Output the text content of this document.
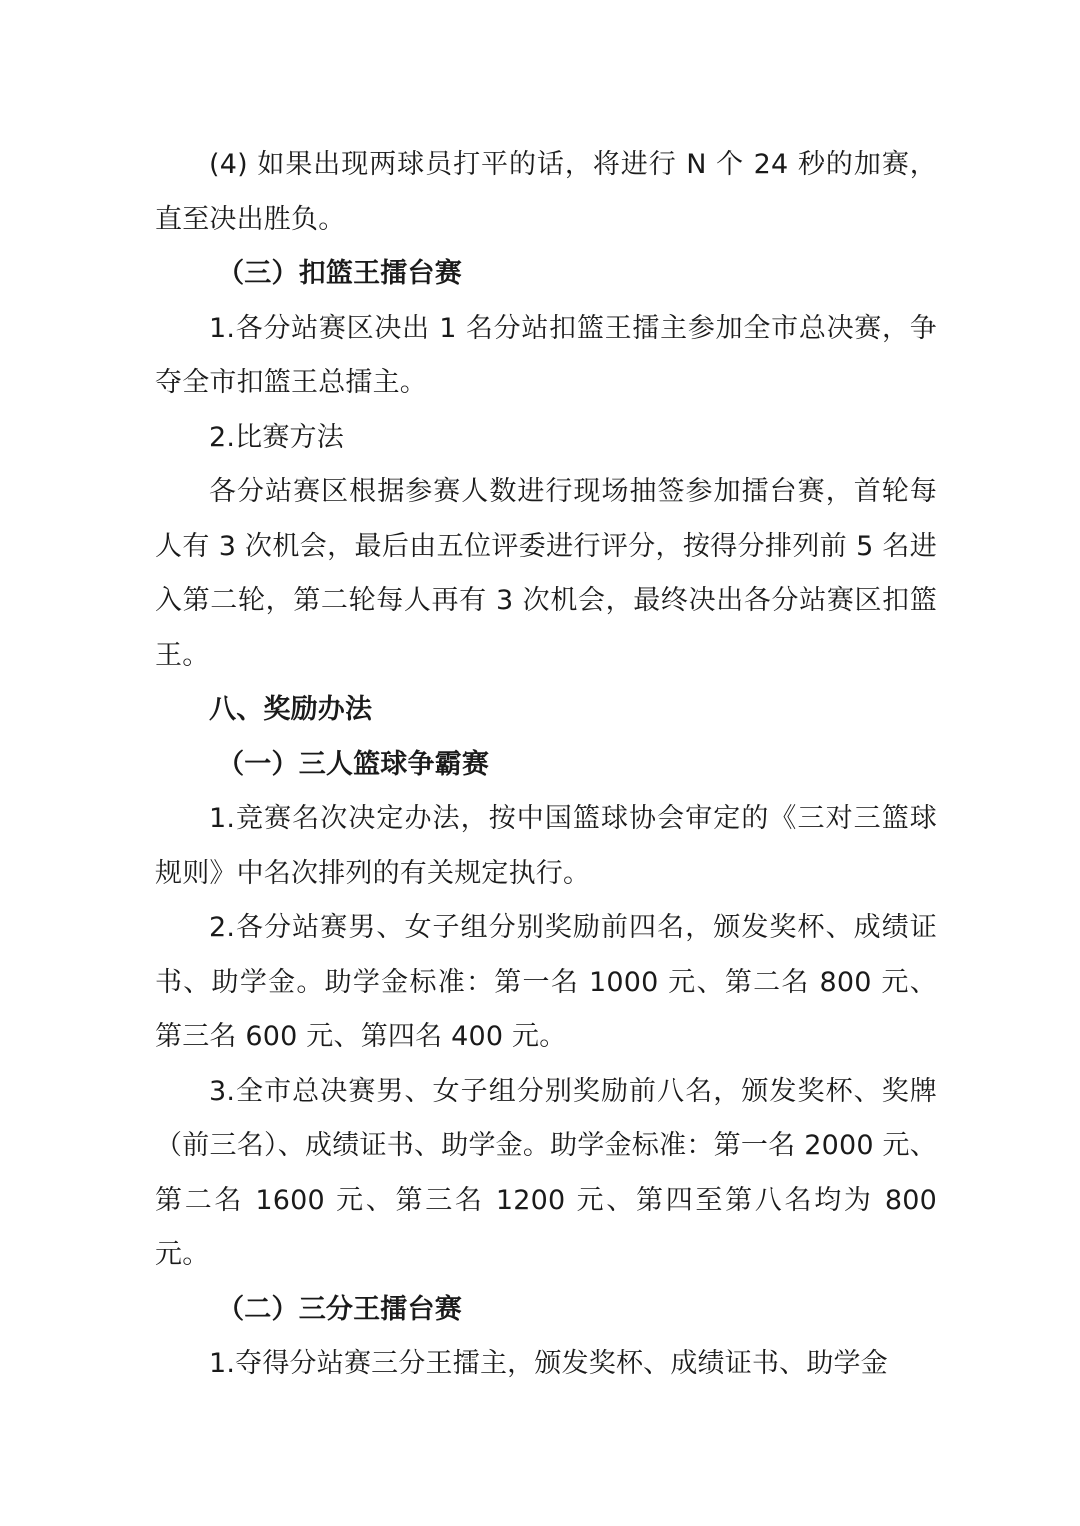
(4) 如果出现两球员打平的话，将进行 N 个 24 秒的加赛，直至决出胜负。

（三）扣篮王擂台赛

1.各分站赛区决出 1 名分站扣篮王擂主参加全市总决赛，争夺全市扣篮王总擂主。

2.比赛方法

各分站赛区根据参赛人数进行现场抽签参加擂台赛，首轮每人有 3 次机会，最后由五位评委进行评分，按得分排列前 5 名进入第二轮，第二轮每人再有 3 次机会，最终决出各分站赛区扣篮王。

八、奖励办法

（一）三人篮球争霸赛

1.竞赛名次决定办法，按中国篮球协会审定的《三对三篮球规则》中名次排列的有关规定执行。

2.各分站赛男、女子组分别奖励前四名，颁发奖杯、成绩证书、助学金。助学金标准：第一名 1000 元、第二名 800 元、第三名 600 元、第四名 400 元。

3.全市总决赛男、女子组分别奖励前八名，颁发奖杯、奖牌（前三名）、成绩证书、助学金。助学金标准：第一名 2000 元、第二名 1600 元、第三名 1200 元、第四至第八名均为 800 元。

（二）三分王擂台赛

1.夺得分站赛三分王擂主，颁发奖杯、成绩证书、助学金
